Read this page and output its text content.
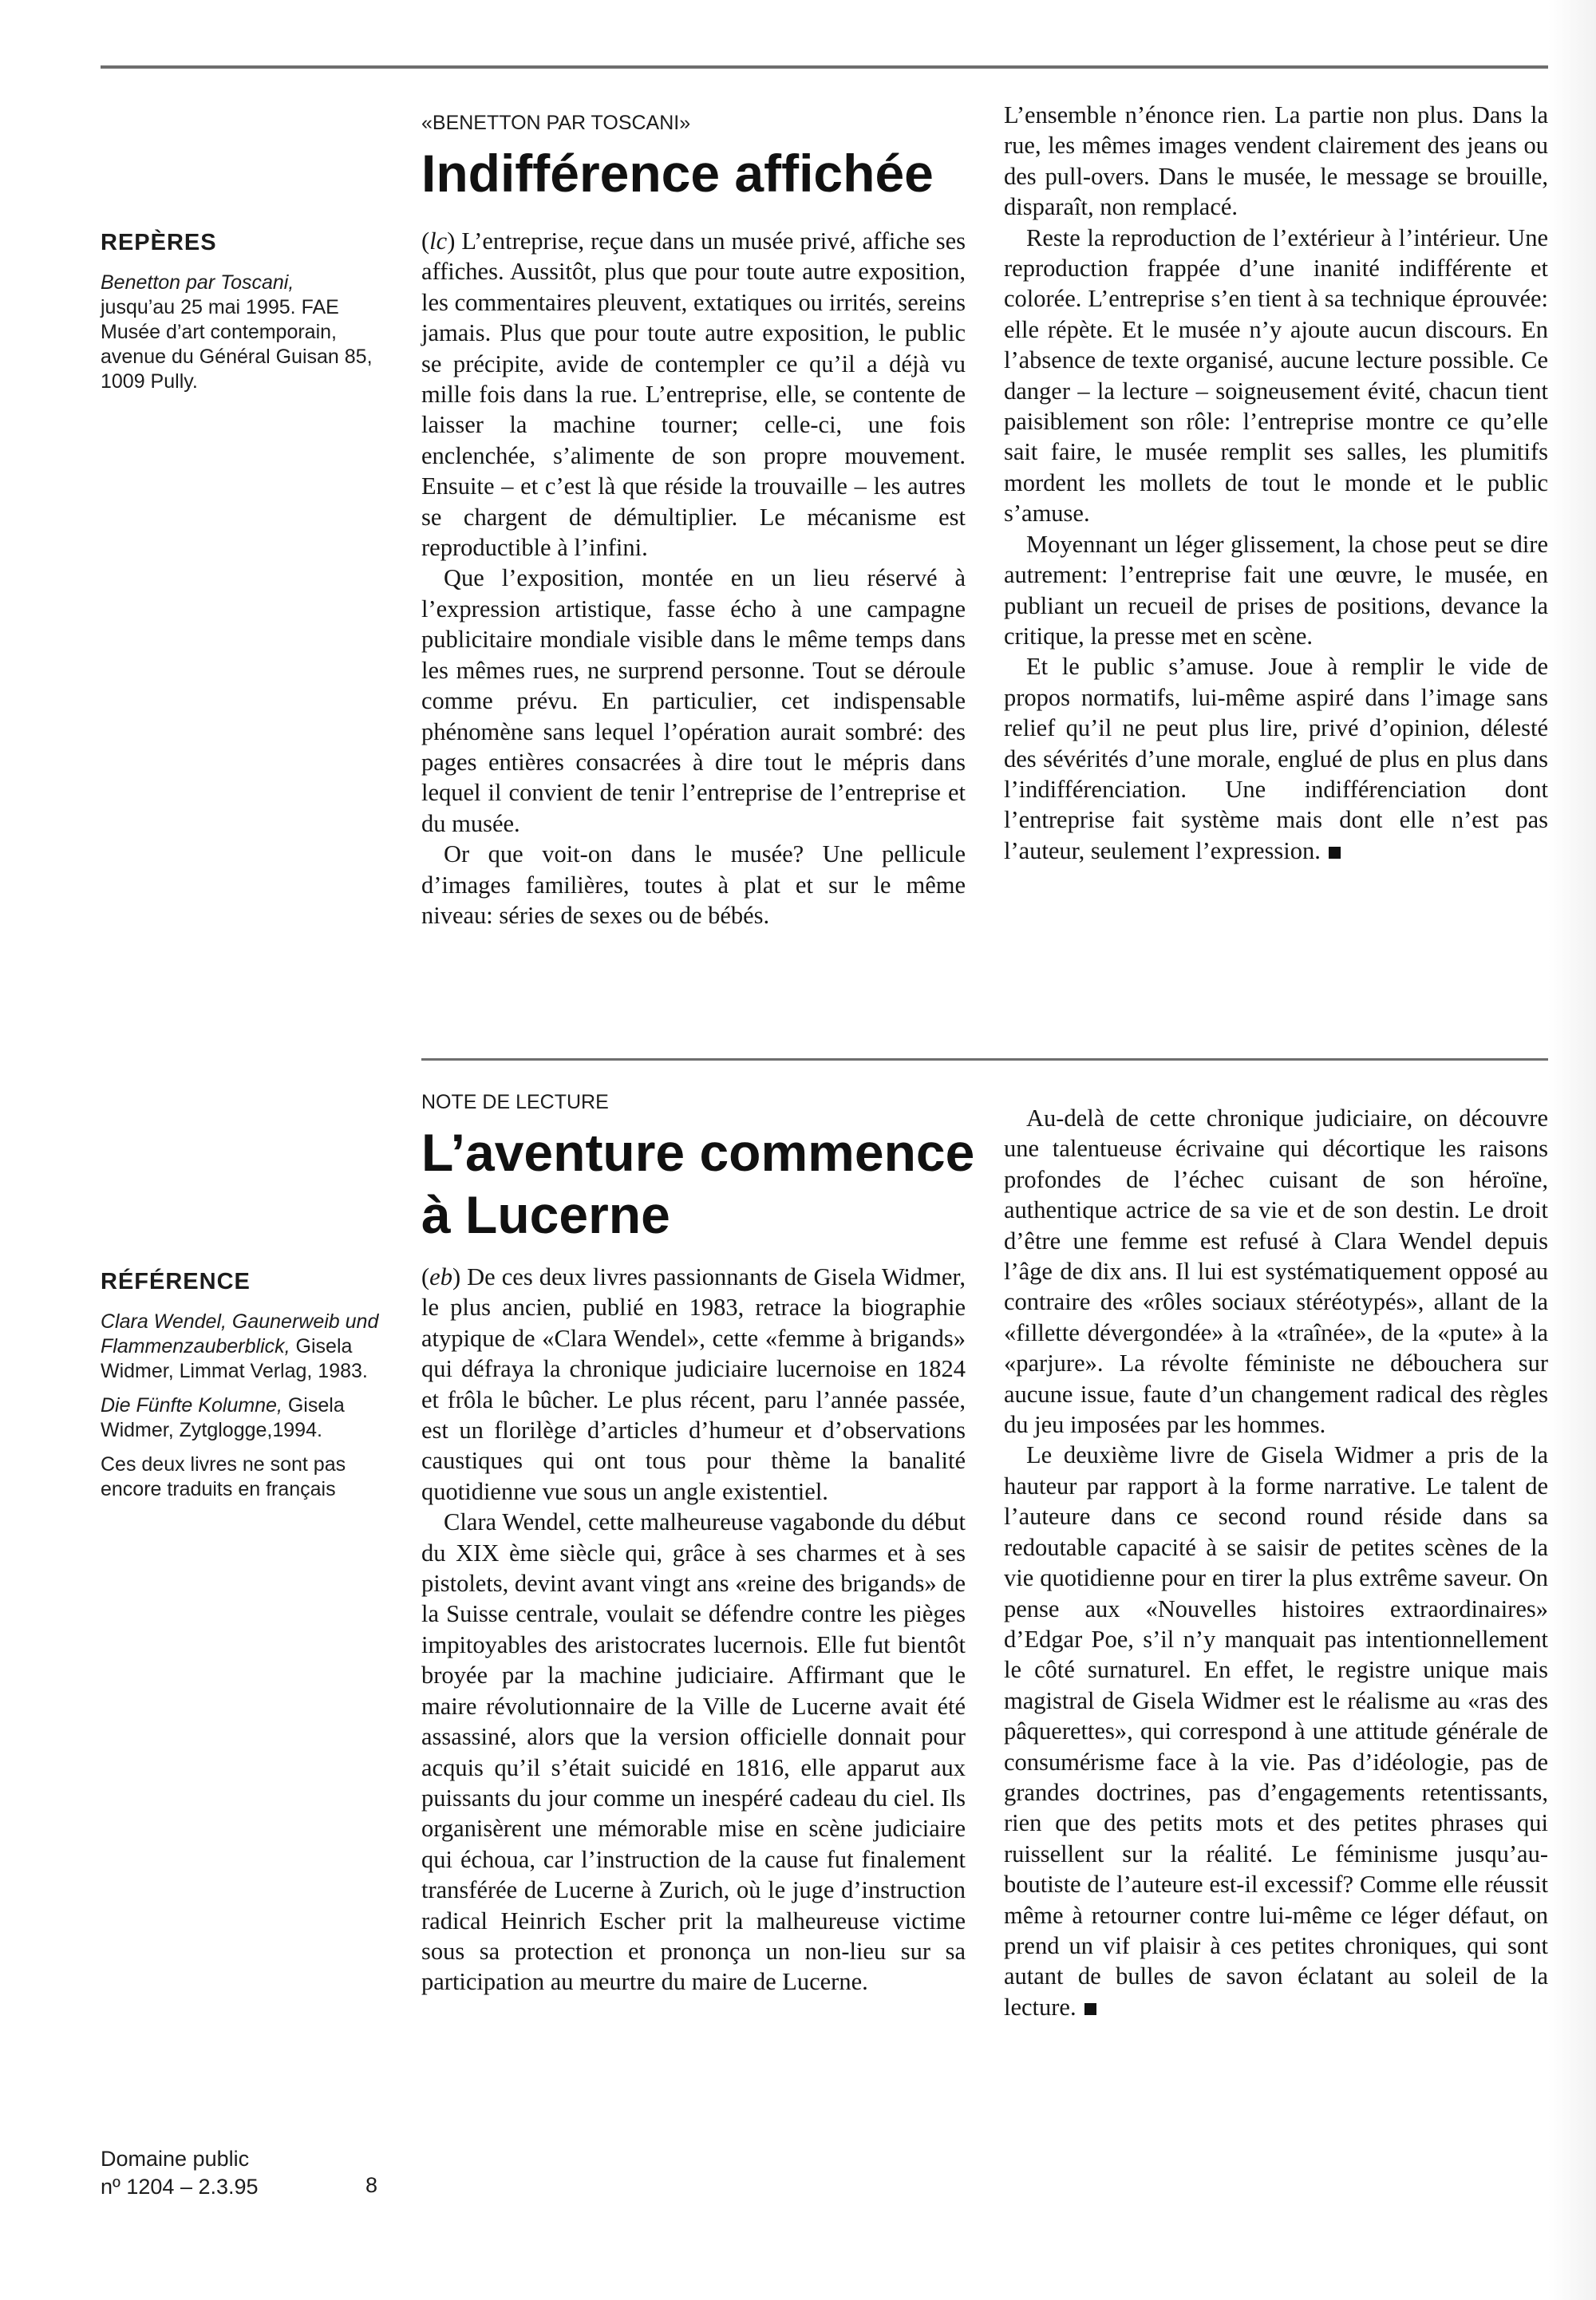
REPÈRES

Benetton par Toscani,
jusqu’au 25 mai 1995. FAE Musée d’art contemporain, avenue du Général Guisan 85, 1009 Pully.

«BENETTON PAR TOSCANI»
Indifférence affichée

(lc) L’entreprise, reçue dans un musée privé, affiche ses affiches. Aussitôt, plus que pour toute autre exposition, les commentaires pleuvent, extatiques ou irrités, sereins jamais. Plus que pour toute autre exposition, le public se précipite, avide de contempler ce qu’il a déjà vu mille fois dans la rue. L’entreprise, elle, se contente de laisser la machine tourner; celle-ci, une fois enclenchée, s’alimente de son propre mouvement. Ensuite – et c’est là que réside la trouvaille – les autres se chargent de démultiplier. Le mécanisme est reproductible à l’infini.

Que l’exposition, montée en un lieu réservé à l’expression artistique, fasse écho à une campagne publicitaire mondiale visible dans le même temps dans les mêmes rues, ne surprend personne. Tout se déroule comme prévu. En particulier, cet indispensable phénomène sans lequel l’opération aurait sombré: des pages entières consacrées à dire tout le mépris dans lequel il convient de tenir l’entreprise de l’entreprise et du musée.

Or que voit-on dans le musée? Une pellicule d’images familières, toutes à plat et sur le même niveau: séries de sexes ou de bébés.

L’ensemble n’énonce rien. La partie non plus. Dans la rue, les mêmes images vendent clairement des jeans ou des pull-overs. Dans le musée, le message se brouille, disparaît, non remplacé.

Reste la reproduction de l’extérieur à l’intérieur. Une reproduction frappée d’une inanité indifférente et colorée. L’entreprise s’en tient à sa technique éprouvée: elle répète. Et le musée n’y ajoute aucun discours. En l’absence de texte organisé, aucune lecture possible. Ce danger – la lecture – soigneusement évité, chacun tient paisiblement son rôle: l’entreprise montre ce qu’elle sait faire, le musée remplit ses salles, les plumitifs mordent les mollets de tout le monde et le public s’amuse.

Moyennant un léger glissement, la chose peut se dire autrement: l’entreprise fait une œuvre, le musée, en publiant un recueil de prises de positions, devance la critique, la presse met en scène.

Et le public s’amuse. Joue à remplir le vide de propos normatifs, lui-même aspiré dans l’image sans relief qu’il ne peut plus lire, privé d’opinion, délesté des sévérités d’une morale, englué de plus en plus dans l’indifférenciation. Une indifférenciation dont l’entreprise fait système mais dont elle n’est pas l’auteur, seulement l’expression.

RÉFÉRENCE

Clara Wendel, Gaunerweib und Flammenzauberblick, Gisela Widmer, Limmat Verlag, 1983.

Die Fünfte Kolumne, Gisela Widmer, Zytglogge,1994.

Ces deux livres ne sont pas encore traduits en français

NOTE DE LECTURE
L’aventure commence
à Lucerne

(eb) De ces deux livres passionnants de Gisela Widmer, le plus ancien, publié en 1983, retrace la biographie atypique de «Clara Wendel», cette «femme à brigands» qui défraya la chronique judiciaire lucernoise en 1824 et frôla le bûcher. Le plus récent, paru l’année passée, est un florilège d’articles d’humeur et d’observations caustiques qui ont tous pour thème la banalité quotidienne vue sous un angle existentiel.

Clara Wendel, cette malheureuse vagabonde du début du XIX ème siècle qui, grâce à ses charmes et à ses pistolets, devint avant vingt ans «reine des brigands» de la Suisse centrale, voulait se défendre contre les pièges impitoyables des aristocrates lucernois. Elle fut bientôt broyée par la machine judiciaire. Affirmant que le maire révolutionnaire de la Ville de Lucerne avait été assassiné, alors que la version officielle donnait pour acquis qu’il s’était suicidé en 1816, elle apparut aux puissants du jour comme un inespéré cadeau du ciel. Ils organisèrent une mémorable mise en scène judiciaire qui échoua, car l’instruction de la cause fut finalement transférée de Lucerne à Zurich, où le juge d’instruction radical Heinrich Escher prit la malheureuse victime sous sa protection et prononça un non-lieu sur sa participation au meurtre du maire de Lucerne.

Au-delà de cette chronique judiciaire, on découvre une talentueuse écrivaine qui décortique les raisons profondes de l’échec cuisant de son héroïne, authentique actrice de sa vie et de son destin. Le droit d’être une femme est refusé à Clara Wendel depuis l’âge de dix ans. Il lui est systématiquement opposé au contraire des «rôles sociaux stéréotypés», allant de la «fillette dévergondée» à la «traînée», de la «pute» à la «parjure». La révolte féministe ne débouchera sur aucune issue, faute d’un changement radical des règles du jeu imposées par les hommes.

Le deuxième livre de Gisela Widmer a pris de la hauteur par rapport à la forme narrative. Le talent de l’auteure dans ce second round réside dans sa redoutable capacité à se saisir de petites scènes de la vie quotidienne pour en tirer la plus extrême saveur. On pense aux «Nouvelles histoires extraordinaires» d’Edgar Poe, s’il n’y manquait pas intentionnellement le côté surnaturel. En effet, le registre unique mais magistral de Gisela Widmer est le réalisme au «ras des pâquerettes», qui correspond à une attitude générale de consumérisme face à la vie. Pas d’idéologie, pas de grandes doctrines, pas d’engagements retentissants, rien que des petits mots et des petites phrases qui ruissellent sur la réalité. Le féminisme jusqu’au-boutiste de l’auteure est-il excessif? Comme elle réussit même à retourner contre lui-même ce léger défaut, on prend un vif plaisir à ces petites chroniques, qui sont autant de bulles de savon éclatant au soleil de la lecture.

Domaine public
nº 1204 – 2.3.95	8
